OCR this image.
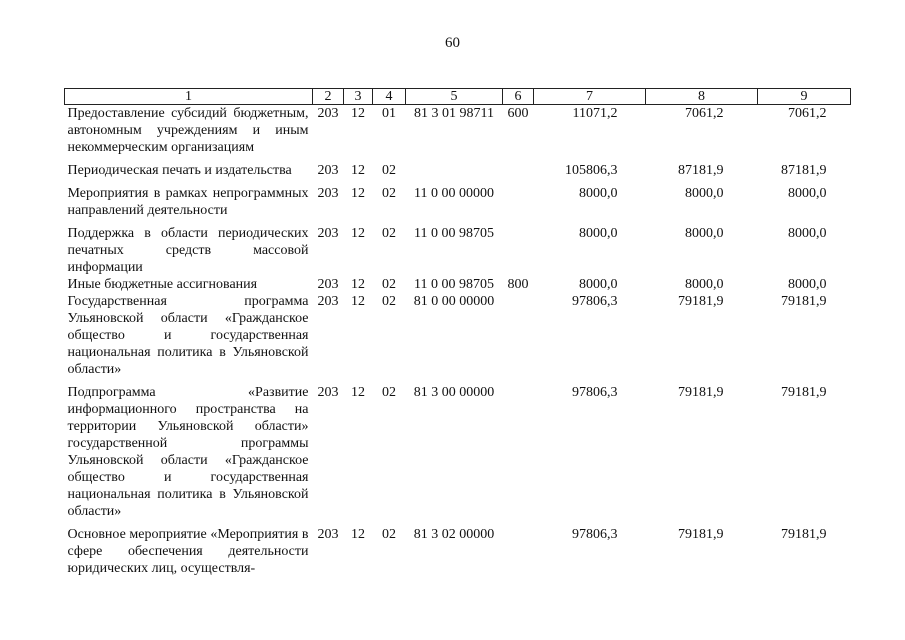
60
1	2	3	4	5	6	7	8	9
Предоставление субсидий бюджетным, автономным учреждениям и иным некоммерческим организациям	203	12	01	81 3 01 98711	600	11071,2	7061,2	7061,2
Периодическая печать и издательства	203	12	02			105806,3	87181,9	87181,9
Мероприятия в рамках непрограммных направлений деятельности	203	12	02	11 0 00 00000		8000,0	8000,0	8000,0
Поддержка в области периодических печатных средств массовой информации	203	12	02	11 0 00 98705		8000,0	8000,0	8000,0
Иные бюджетные ассигнования	203	12	02	11 0 00 98705	800	8000,0	8000,0	8000,0
Государственная программа Ульяновской области «Гражданское общество и государственная национальная политика в Ульяновской области»	203	12	02	81 0 00 00000		97806,3	79181,9	79181,9
Подпрограмма «Развитие информационного пространства на территории Ульяновской области» государственной программы Ульяновской области «Гражданское общество и государственная национальная политика в Ульяновской области»	203	12	02	81 3 00 00000		97806,3	79181,9	79181,9
Основное мероприятие «Мероприятия в сфере обеспечения деятельности юридических лиц, осуществля-	203	12	02	81 3 02 00000		97806,3	79181,9	79181,9
